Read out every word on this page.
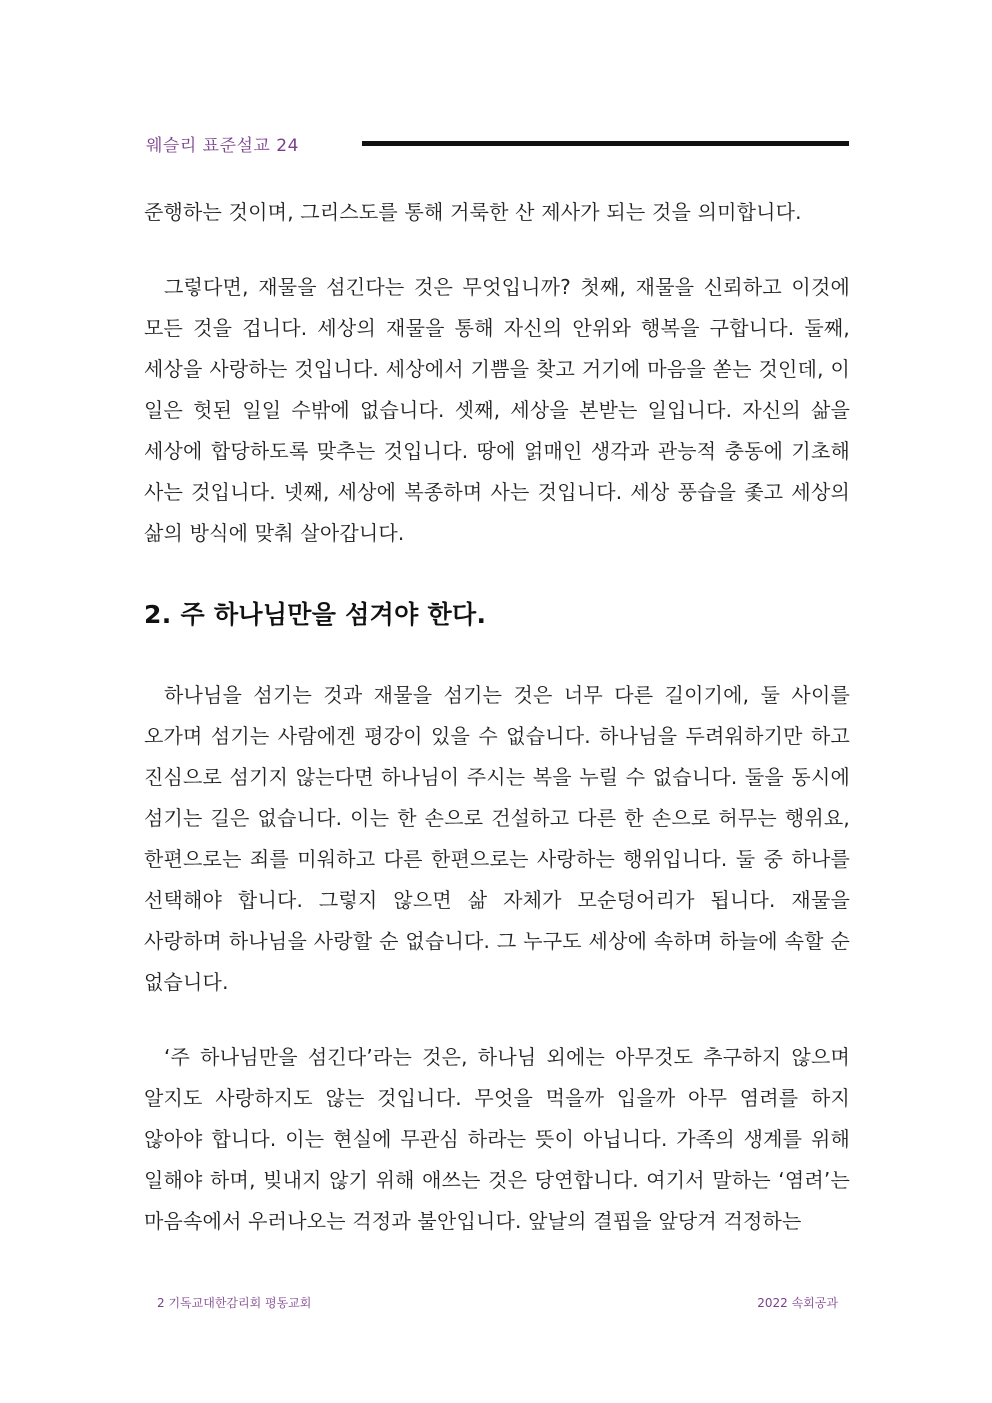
웨슬리 표준설교 24

준행하는 것이며, 그리스도를 통해 거룩한 산 제사가 되는 것을 의미합니다.

그렇다면, 재물을 섬긴다는 것은 무엇입니까? 첫째, 재물을 신뢰하고 이것에 모든 것을 겁니다. 세상의 재물을 통해 자신의 안위와 행복을 구합니다. 둘째, 세상을 사랑하는 것입니다. 세상에서 기쁨을 찾고 거기에 마음을 쏟는 것인데, 이 일은 헛된 일일 수밖에 없습니다. 셋째, 세상을 본받는 일입니다. 자신의 삶을 세상에 합당하도록 맞추는 것입니다. 땅에 얽매인 생각과 관능적 충동에 기초해 사는 것입니다. 넷째, 세상에 복종하며 사는 것입니다. 세상 풍습을 좇고 세상의 삶의 방식에 맞춰 살아갑니다.

2. 주 하나님만을 섬겨야 한다.

하나님을 섬기는 것과 재물을 섬기는 것은 너무 다른 길이기에, 둘 사이를 오가며 섬기는 사람에겐 평강이 있을 수 없습니다. 하나님을 두려워하기만 하고 진심으로 섬기지 않는다면 하나님이 주시는 복을 누릴 수 없습니다. 둘을 동시에 섬기는 길은 없습니다. 이는 한 손으로 건설하고 다른 한 손으로 허무는 행위요, 한편으로는 죄를 미워하고 다른 한편으로는 사랑하는 행위입니다. 둘 중 하나를 선택해야 합니다. 그렇지 않으면 삶 자체가 모순덩어리가 됩니다. 재물을 사랑하며 하나님을 사랑할 순 없습니다. 그 누구도 세상에 속하며 하늘에 속할 순 없습니다.

‘주 하나님만을 섬긴다’라는 것은, 하나님 외에는 아무것도 추구하지 않으며 알지도 사랑하지도 않는 것입니다. 무엇을 먹을까 입을까 아무 염려를 하지 않아야 합니다. 이는 현실에 무관심 하라는 뜻이 아닙니다. 가족의 생계를 위해 일해야 하며, 빚내지 않기 위해 애쓰는 것은 당연합니다. 여기서 말하는 ‘염려’는 마음속에서 우러나오는 걱정과 불안입니다. 앞날의 결핍을 앞당겨 걱정하는

2 기독교대한감리회 평동교회	2022 속회공과
